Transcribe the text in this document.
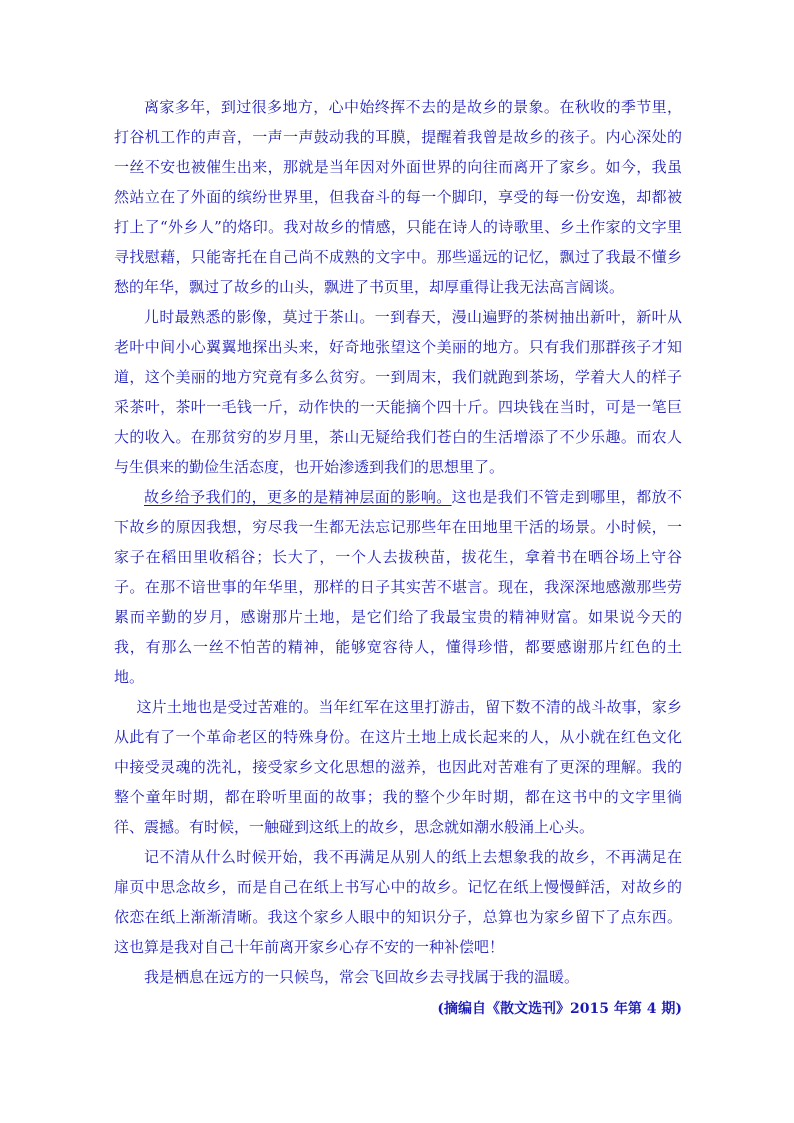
离家多年，到过很多地方，心中始终挥不去的是故乡的景象。在秋收的季节里，打谷机工作的声音，一声一声鼓动我的耳膜，提醒着我曾是故乡的孩子。内心深处的一丝不安也被催生出来，那就是当年因对外面世界的向往而离开了家乡。如今，我虽然站立在了外面的缤纷世界里，但我奋斗的每一个脚印，享受的每一份安逸，却都被打上了“外乡人”的烙印。我对故乡的情感，只能在诗人的诗歌里、乡土作家的文字里寻找慰藉，只能寄托在自己尚不成熟的文字中。那些遥远的记忆，飘过了我最不懂乡愁的年华，飘过了故乡的山头，飘进了书页里，却厚重得让我无法高言阔谈。

儿时最熟悉的影像，莫过于茶山。一到春天，漫山遍野的茶树抽出新叶，新叶从老叶中间小心翼翼地探出头来，好奇地张望这个美丽的地方。只有我们那群孩子才知道，这个美丽的地方究竟有多么贫穷。一到周末，我们就跑到茶场，学着大人的样子采茶叶，茶叶一毛钱一斤，动作快的一天能摘个四十斤。四块钱在当时，可是一笔巨大的收入。在那贫穷的岁月里，茶山无疑给我们苍白的生活增添了不少乐趣。而农人与生俱来的勤俭生活态度，也开始渗透到我们的思想里了。

故乡给予我们的，更多的是精神层面的影响。这也是我们不管走到哪里，都放不下故乡的原因我想，穷尽我一生都无法忘记那些年在田地里干活的场景。小时候，一家子在稻田里收稻谷；长大了，一个人去拔秧苗，拔花生，拿着书在晒谷场上守谷子。在那不谙世事的年华里，那样的日子其实苦不堪言。现在，我深深地感激那些劳累而辛勤的岁月，感谢那片土地，是它们给了我最宝贵的精神财富。如果说今天的我，有那么一丝不怕苦的精神，能够宽容待人，懂得珍惜，都要感谢那片红色的土地。

这片土地也是受过苦难的。当年红军在这里打游击，留下数不清的战斗故事，家乡从此有了一个革命老区的特殊身份。在这片土地上成长起来的人，从小就在红色文化中接受灵魂的洗礼，接受家乡文化思想的滋养，也因此对苦难有了更深的理解。我的整个童年时期，都在聆听里面的故事；我的整个少年时期，都在这书中的文字里徜徉、震撼。有时候，一触碰到这纸上的故乡，思念就如潮水般涌上心头。

记不清从什么时候开始，我不再满足从别人的纸上去想象我的故乡，不再满足在扉页中思念故乡，而是自己在纸上书写心中的故乡。记忆在纸上慢慢鲜活，对故乡的依恋在纸上渐渐清晰。我这个家乡人眼中的知识分子，总算也为家乡留下了点东西。这也算是我对自己十年前离开家乡心存不安的一种补偿吧！

我是栖息在远方的一只候鸟，常会飞回故乡去寻找属于我的温暖。

(摘编自《散文选刊》2015 年第 4 期)
